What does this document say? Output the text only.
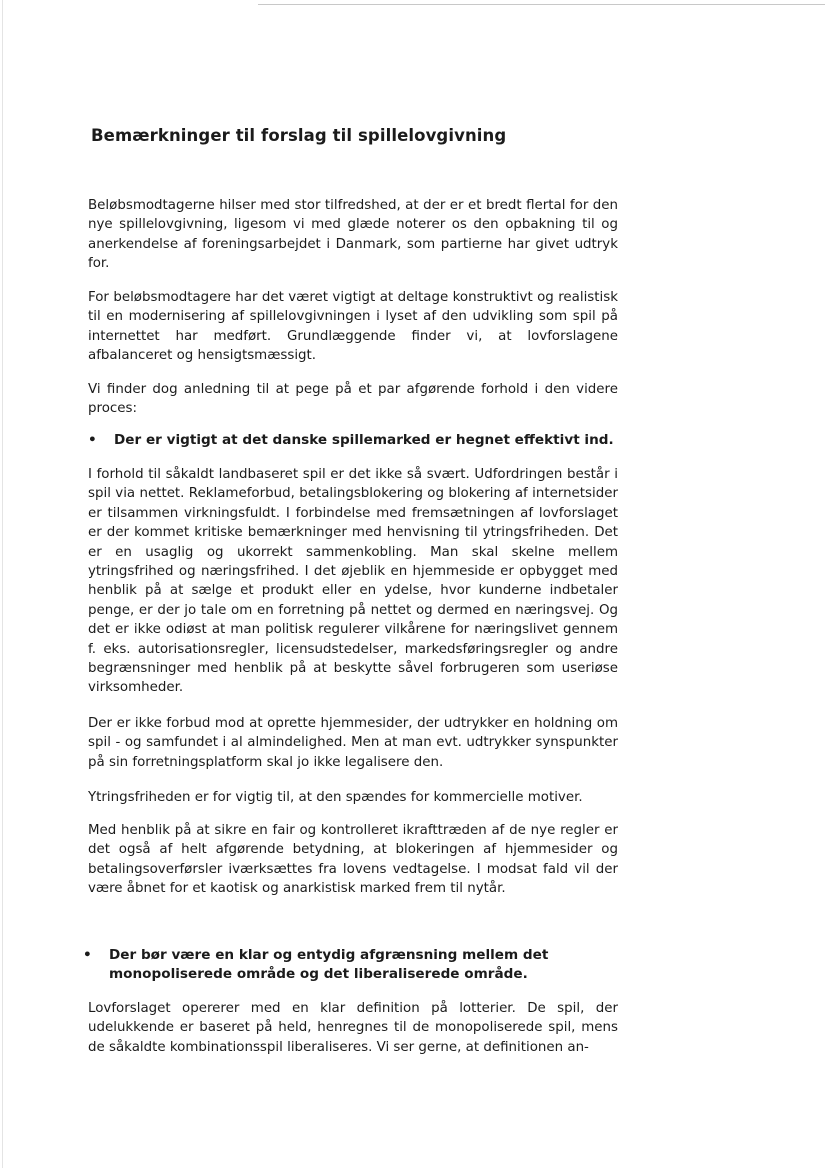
Bemærkninger til forslag til spillelovgivning

Beløbsmodtagerne hilser med stor tilfredshed, at der er et bredt flertal for den nye spillelovgivning, ligesom vi med glæde noterer os den opbakning til og anerkendelse af foreningsarbejdet i Danmark, som partierne har givet udtryk for.

For beløbsmodtagere har det været vigtigt at deltage konstruktivt og realistisk til en modernisering af spillelovgivningen i lyset af den udvikling som spil på internettet har medført. Grundlæggende finder vi, at lovforslagene afbalanceret og hensigtsmæssigt.

Vi finder dog anledning til at pege på et par afgørende forhold i den videre proces:

• Der er vigtigt at det danske spillemarked er hegnet effektivt ind.

I forhold til såkaldt landbaseret spil er det ikke så svært. Udfordringen består i spil via nettet. Reklameforbud, betalingsblokering og blokering af internetsider er tilsammen virkningsfuldt. I forbindelse med fremsætningen af lovforslaget er der kommet kritiske bemærkninger med henvisning til ytringsfriheden. Det er en usaglig og ukorrekt sammenkobling. Man skal skelne mellem ytringsfrihed og næringsfrihed. I det øjeblik en hjemmeside er opbygget med henblik på at sælge et produkt eller en ydelse, hvor kunderne indbetaler penge, er der jo tale om en forretning på nettet og dermed en næringsvej. Og det er ikke odiøst at man politisk regulerer vilkårene for næringslivet gennem f. eks. autorisationsregler, licensudstedelser, markedsføringsregler og andre begrænsninger med henblik på at beskytte såvel forbrugeren som useriøse virksomheder.

Der er ikke forbud mod at oprette hjemmesider, der udtrykker en holdning om spil - og samfundet i al almindelighed. Men at man evt. udtrykker synspunkter på sin forretningsplatform skal jo ikke legalisere den.

Ytringsfriheden er for vigtig til, at den spændes for kommercielle motiver.

Med henblik på at sikre en fair og kontrolleret ikrafttræden af de nye regler er det også af helt afgørende betydning, at blokeringen af hjemmesider og betalingsoverførsler iværksættes fra lovens vedtagelse. I modsat fald vil der være åbnet for et kaotisk og anarkistisk marked frem til nytår.

• Der bør være en klar og entydig afgrænsning mellem det monopoliserede område og det liberaliserede område.

Lovforslaget opererer med en klar definition på lotterier. De spil, der udelukkende er baseret på held, henregnes til de monopoliserede spil, mens de såkaldte kombinationsspil liberaliseres. Vi ser gerne, at definitionen an-
